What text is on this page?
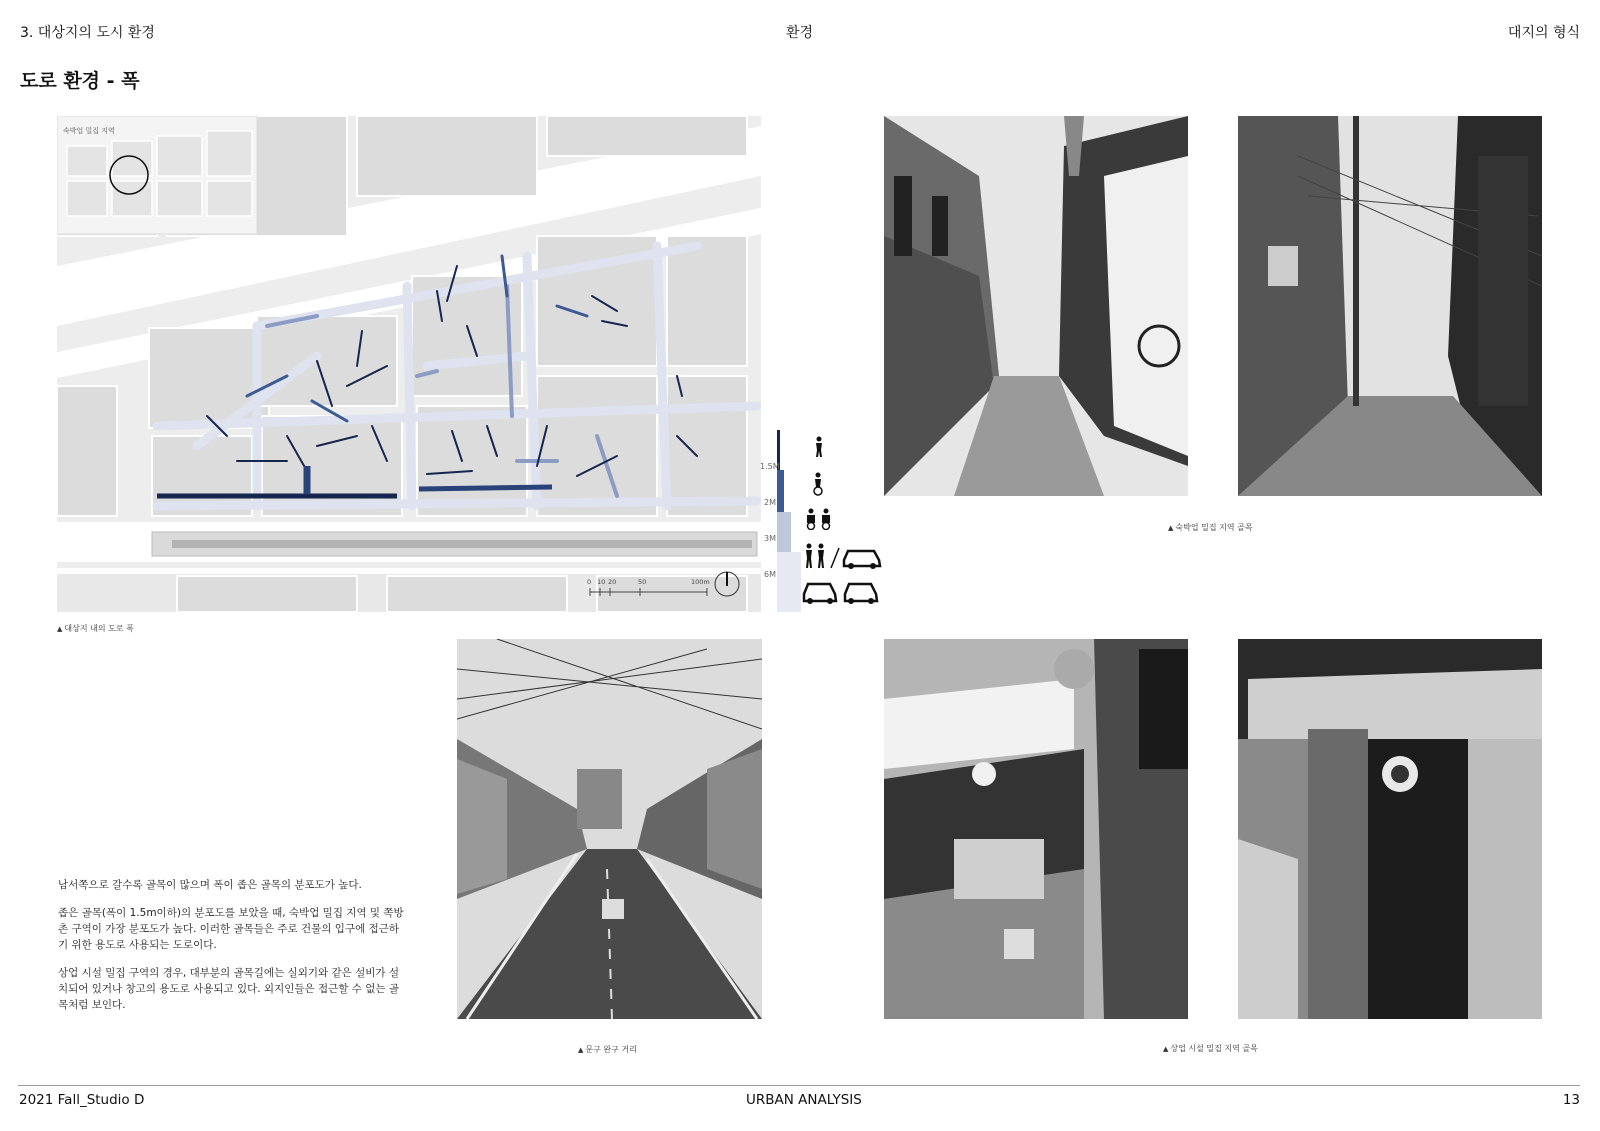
3. 대상지의 도시 환경	환경	대지의 형식
도로 환경 - 폭
숙박업 밀집 지역
0 10 20	50	100m
▲ 대상지 내의 도로 폭
1.5M
2M
3M
6M
▲ 숙박업 밀집 지역 골목
▲ 문구 완구 거리	▲ 상업 시설 밀집 지역 골목

남서쪽으로 갈수록 골목이 많으며 폭이 좁은 골목의 분포도가 높다.

좁은 골목(폭이 1.5m이하)의 분포도를 보았을 때, 숙박업 밀집 지역 및 쪽방촌 구역이 가장 분포도가 높다. 이러한 골목들은 주로 건물의 입구에 접근하기 위한 용도로 사용되는 도로이다.

상업 시설 밀집 구역의 경우, 대부분의 골목길에는 실외기와 같은 설비가 설치되어 있거나 창고의 용도로 사용되고 있다. 외지인들은 접근할 수 없는 골목처럼 보인다.

2021 Fall_Studio D	URBAN ANALYSIS	13
